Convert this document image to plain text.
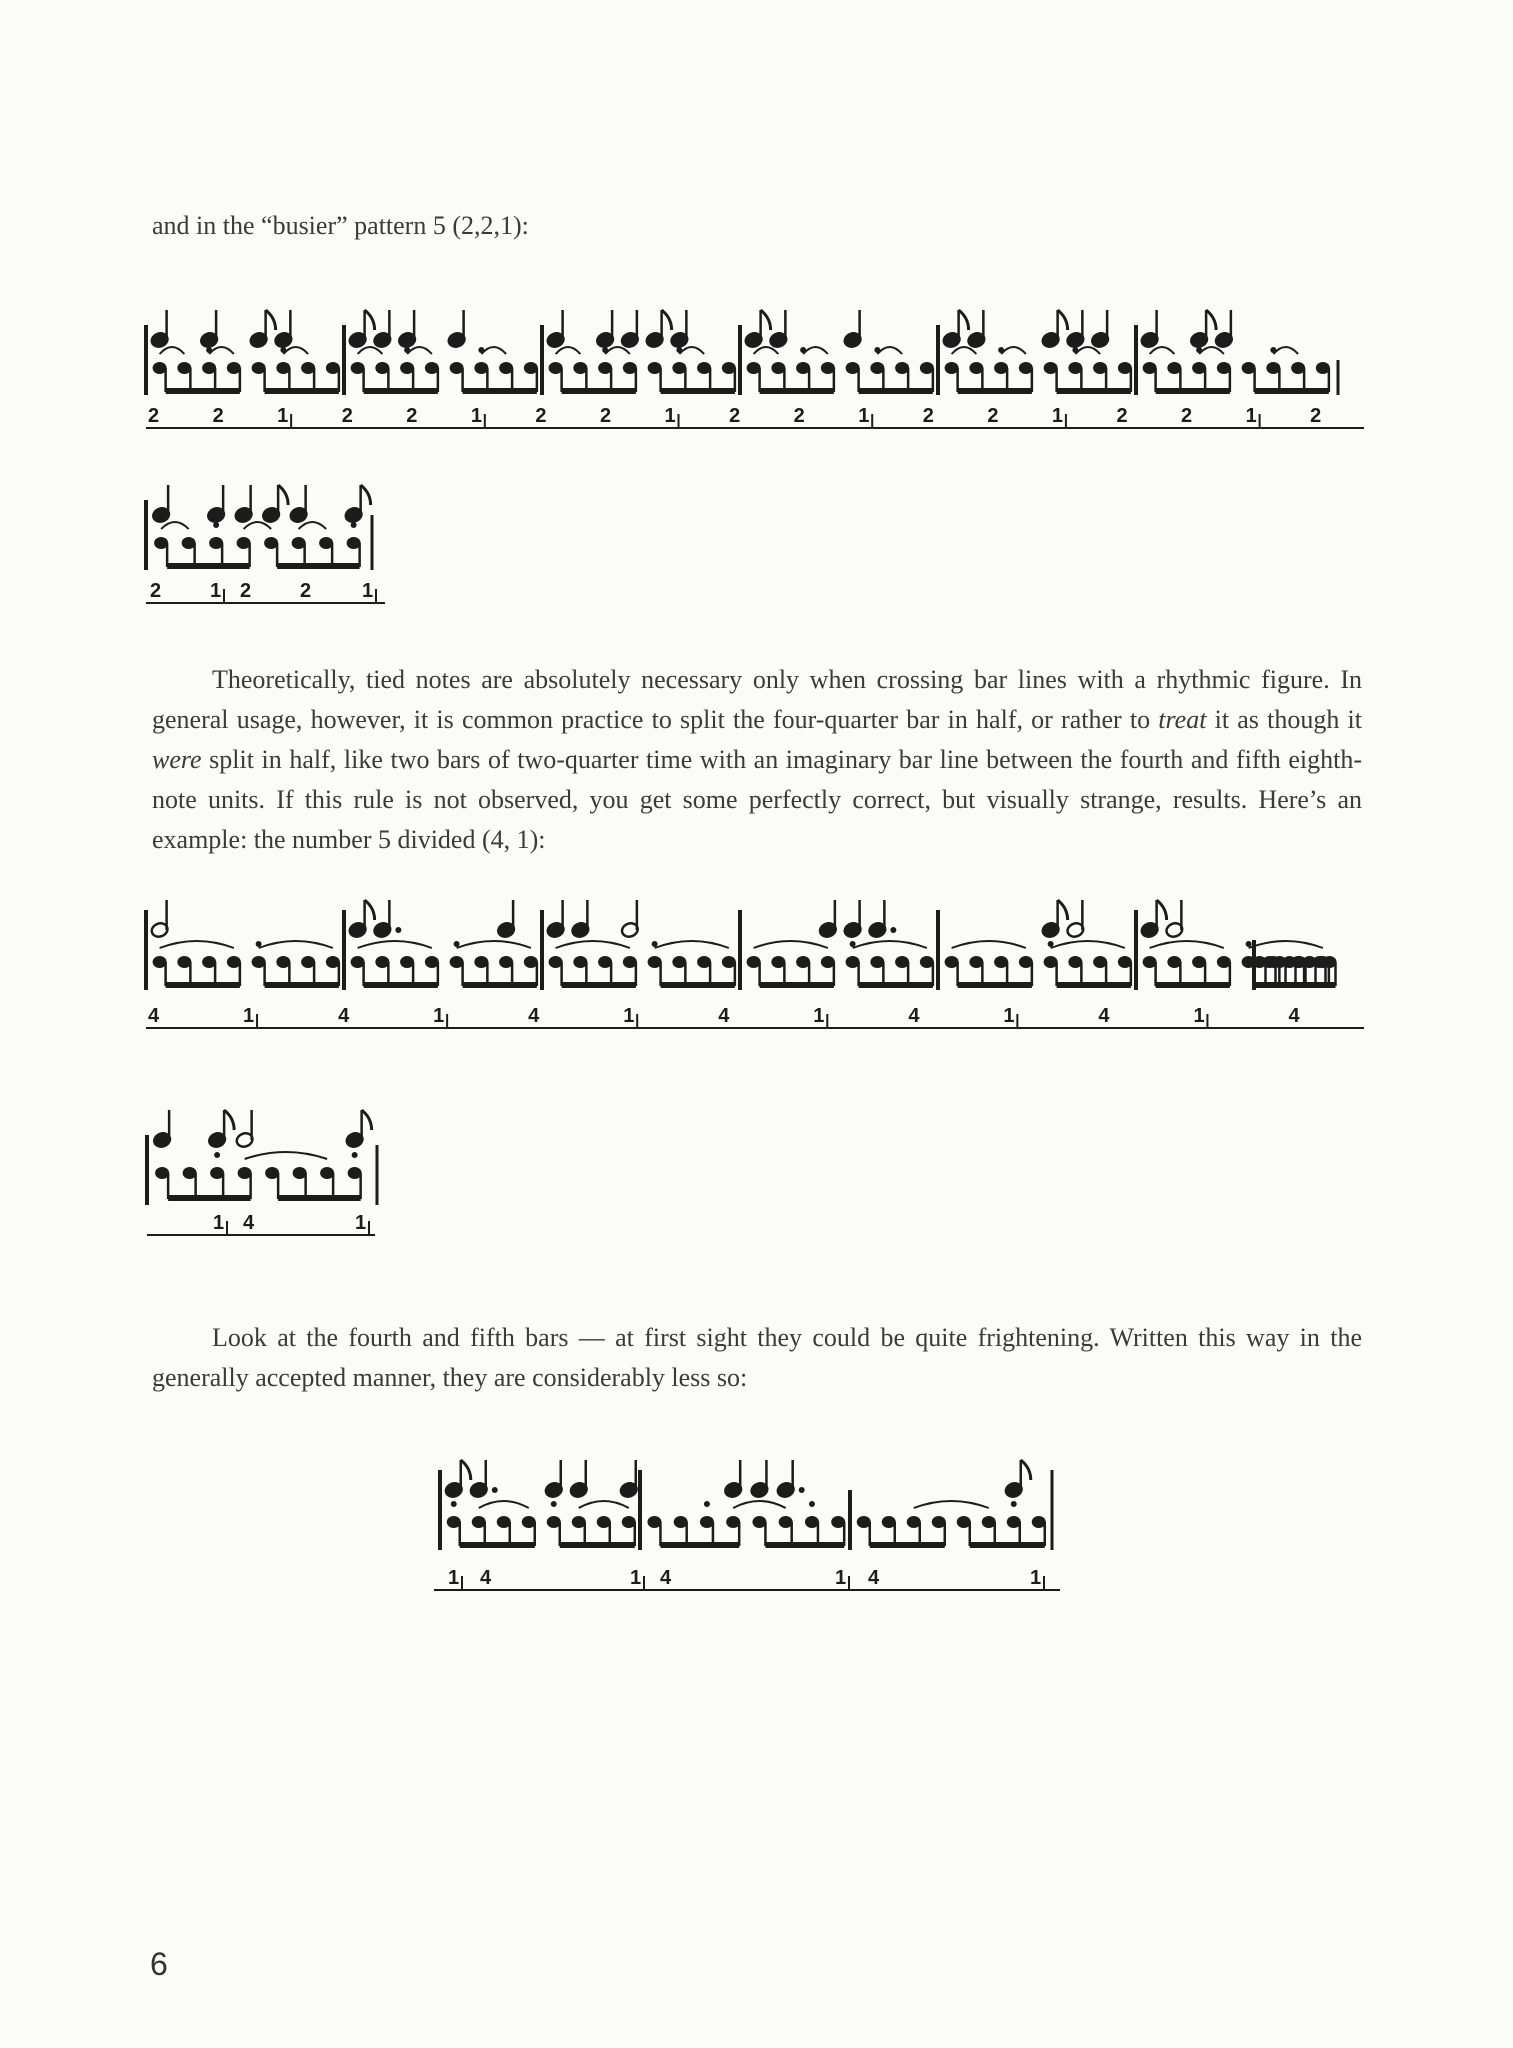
and in the “busier” pattern 5 (2,2,1):

2	2	1	2	2	1	2	2	1	2	2	1	2	2	1	2	2	1	2
2 1 2 2	1

Theoretically, tied notes are absolutely necessary only when crossing bar lines with a rhythmic figure. In general usage, however, it is common practice to split the four-quarter bar in half, or rather to treat it as though it were split in half, like two bars of two-quarter time with an imaginary bar line between the fourth and fifth eighth-note units. If this rule is not observed, you get some perfectly correct, but visually strange, results. Here’s an example: the number 5 divided (4, 1):

4	1	4	1	4	1	4	1	4	1	4	1	4
1 4	1

Look at the fourth and fifth bars — at first sight they could be quite frightening. Written this way in the generally accepted manner, they are considerably less so:

1 4	1 4	1 4	1
6
